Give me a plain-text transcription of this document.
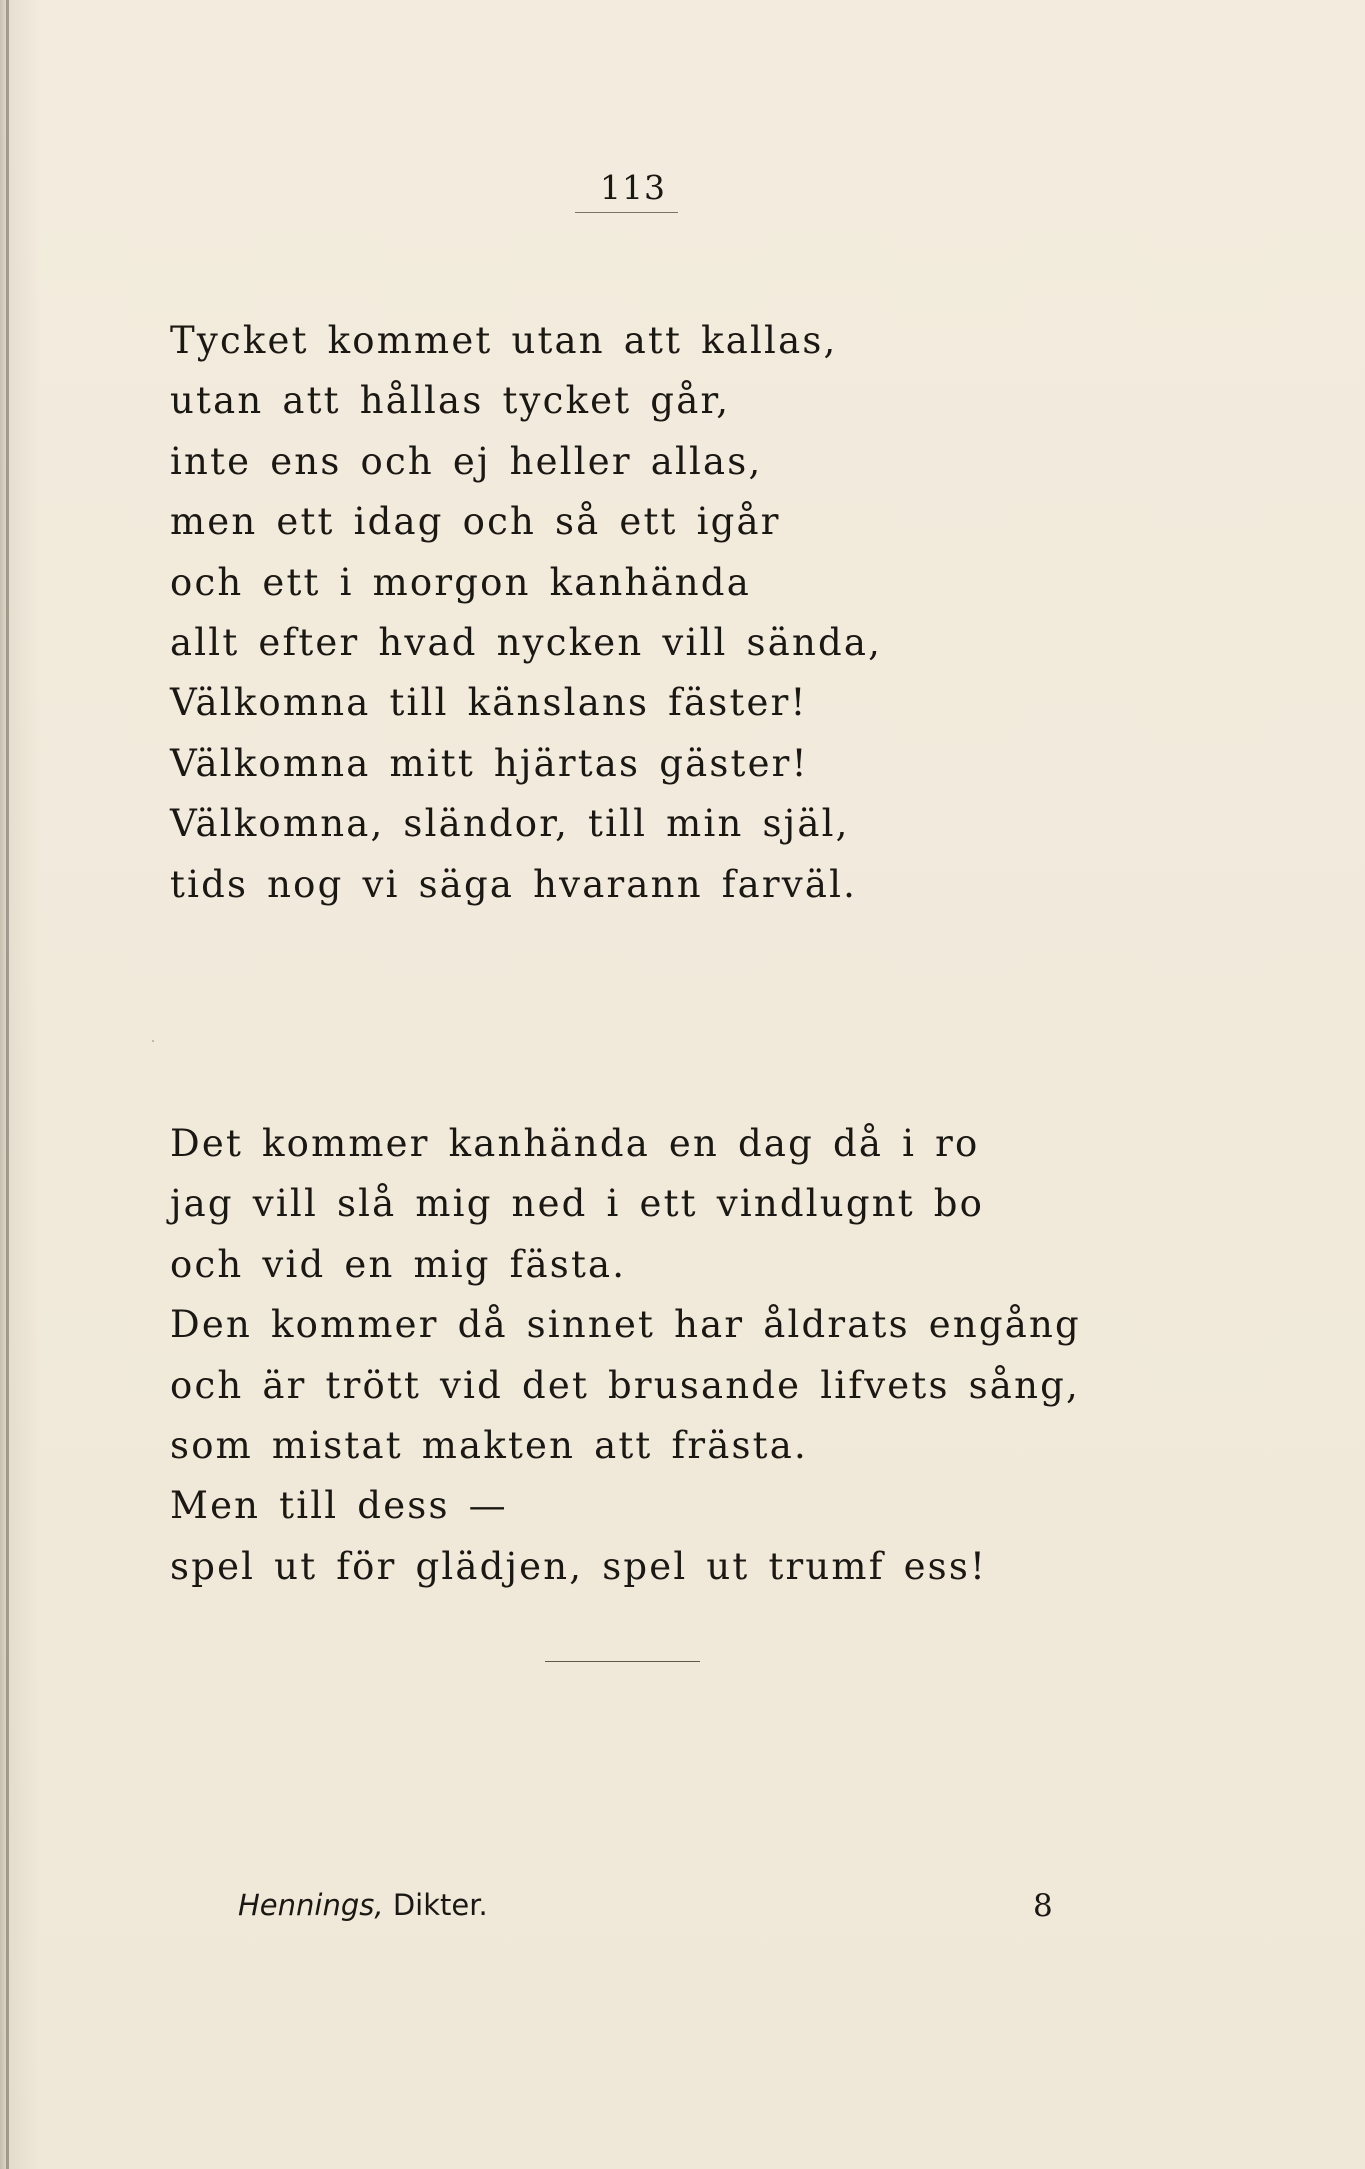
113
Tycket kommet utan att kallas,
utan att hållas tycket går,
inte ens och ej heller allas,
men ett idag och så ett igår
och ett i morgon kanhända
allt efter hvad nycken vill sända,
Välkomna till känslans fäster!
Välkomna mitt hjärtas gäster!
Välkomna, sländor, till min själ,
tids nog vi säga hvarann farväl.
Det kommer kanhända en dag då i ro
jag vill slå mig ned i ett vindlugnt bo
och vid en mig fästa.
Den kommer då sinnet har åldrats engång
och är trött vid det brusande lifvets sång,
som mistat makten att frästa.
Men till dess —
spel ut för glädjen, spel ut trumf ess!
Hennings, Dikter.	8
